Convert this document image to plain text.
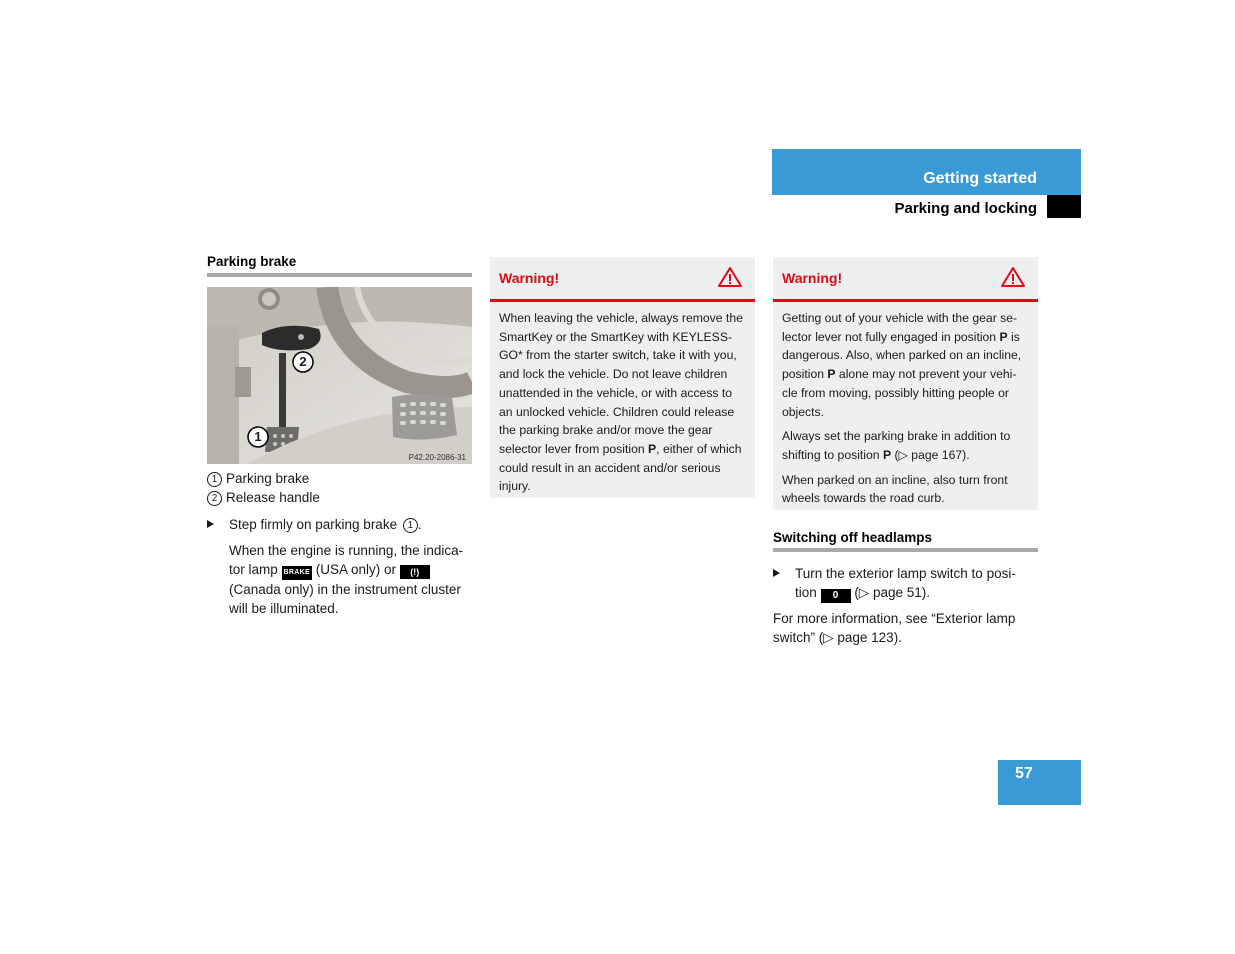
Getting started
Parking and locking
Parking brake
1
2
P42.20-2086-31
1 Parking brake
2 Release handle
Step firmly on parking brake 1 .
When the engine is running, the indica-
tor lamp BRAKE (USA only) or (!)
(Canada only) in the instrument cluster
will be illuminated.
Warning!

When leaving the vehicle, always remove the SmartKey or the SmartKey with KEYLESS-GO* from the starter switch, take it with you, and lock the vehicle. Do not leave children unattended in the vehicle, or with access to an unlocked vehicle. Children could release the parking brake and/or move the gear selector lever from position P, either of which could result in an accident and/or serious injury.

Warning!

Getting out of your vehicle with the gear se-lector lever not fully engaged in position P is dangerous. Also, when parked on an incline, position P alone may not prevent your vehi-cle from moving, possibly hitting people or objects.

Always set the parking brake in addition to shifting to position P (▷ page 167).

When parked on an incline, also turn front wheels towards the road curb.

Switching off headlamps
Turn the exterior lamp switch to posi-
tion 0 (▷ page 51).
For more information, see “Exterior lamp
switch” (▷ page 123).
57
